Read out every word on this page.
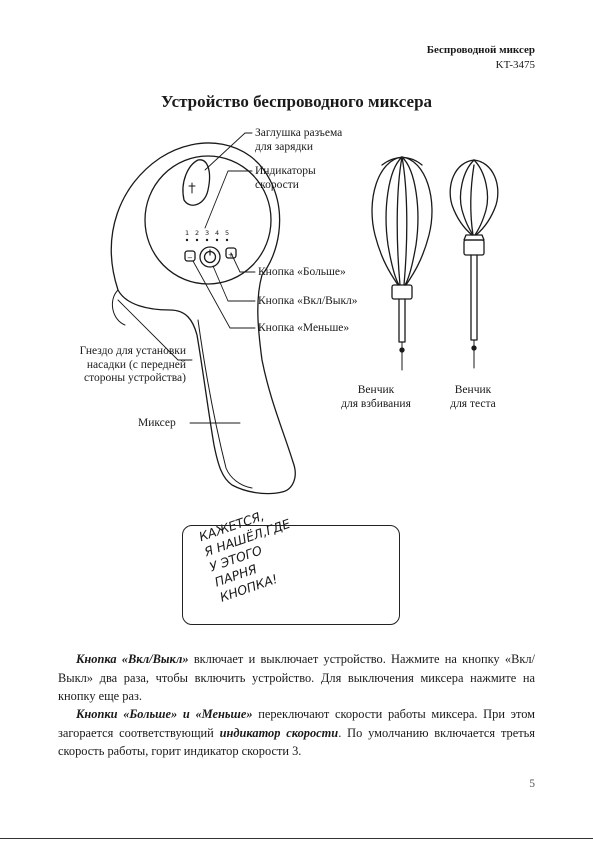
Беспроводной миксер
KT-3475
Устройство беспроводного миксера
1 2 3 4 5
−	+
Заглушка разъема
для зарядки
Индикаторы
скорости
Кнопка «Больше»
Кнопка «Вкл/Выкл»
Кнопка «Меньше»
Гнездо для установки
насадки (с передней
стороны устройства)
Миксер
Венчик
для взбивания
Венчик
для теста
КАЖЕТСЯ,
Я НАШЁЛ,ГДЕ
У ЭТОГО
ПАРНЯ
КНОПКА!
Кнопка «Вкл/Выкл» включает и выключает устройство. Нажмите на кнопку «Вкл/Выкл» два раза, чтобы включить устройство. Для выключения миксера нажмите на кнопку еще раз.
Кнопки «Больше» и «Меньше» переключают скорости работы миксера. При этом загорается соответствующий индикатор скорости. По умолчанию включается третья скорость работы, горит индикатор скорости 3.
5
